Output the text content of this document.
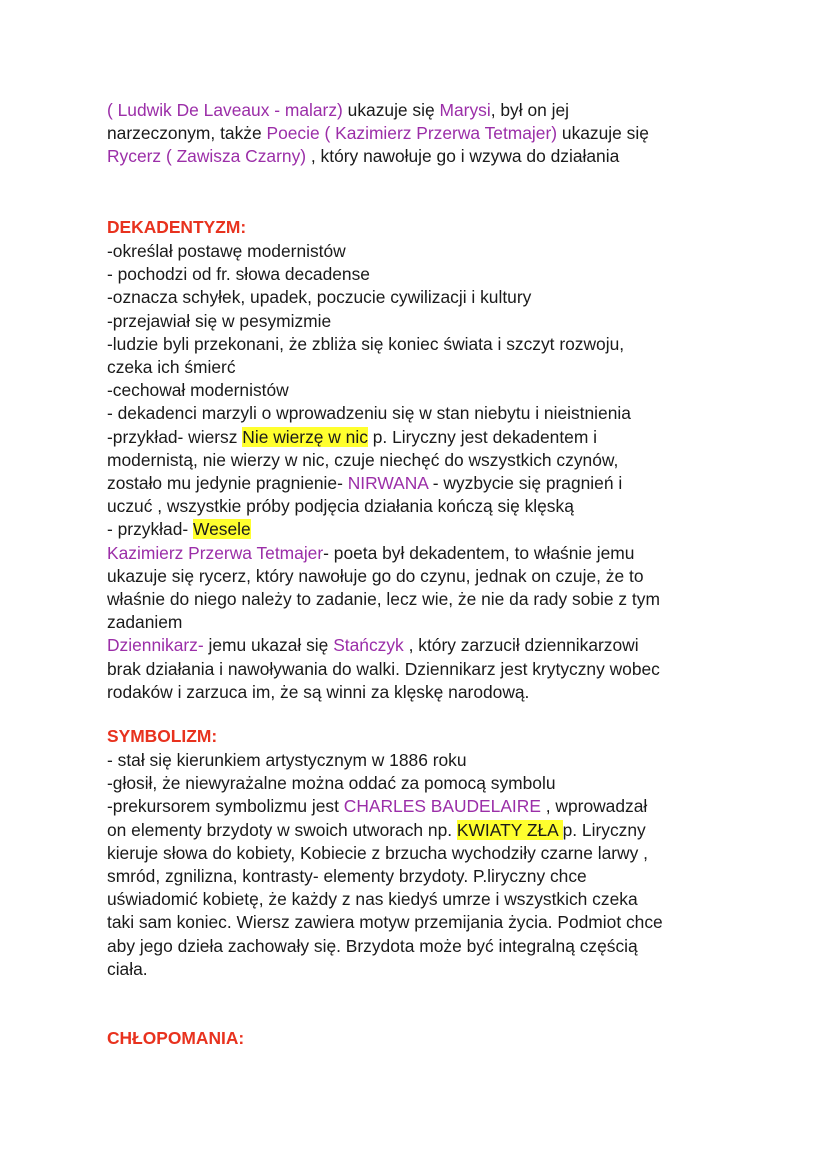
( Ludwik De Laveaux - malarz) ukazuje się Marysi, był on jej
narzeczonym, także Poecie ( Kazimierz Przerwa Tetmajer) ukazuje się
Rycerz ( Zawisza Czarny) , który nawołuje go i wzywa do działania
DEKADENTYZM:
-określał postawę modernistów
- pochodzi od fr. słowa decadense
-oznacza schyłek, upadek, poczucie cywilizacji i kultury
-przejawiał się w pesymizmie
-ludzie byli przekonani, że zbliża się koniec świata i szczyt rozwoju,
czeka ich śmierć
-cechował modernistów
- dekadenci marzyli o wprowadzeniu się w stan niebytu i nieistnienia
-przykład- wiersz Nie wierzę w nic p. Liryczny jest dekadentem i
modernistą, nie wierzy w nic, czuje niechęć do wszystkich czynów,
zostało mu jedynie pragnienie- NIRWANA - wyzbycie się pragnień i
uczuć , wszystkie próby podjęcia działania kończą się klęską
- przykład- Wesele
Kazimierz Przerwa Tetmajer- poeta był dekadentem, to właśnie jemu
ukazuje się rycerz, który nawołuje go do czynu, jednak on czuje, że to
właśnie do niego należy to zadanie, lecz wie, że nie da rady sobie z tym
zadaniem
Dziennikarz- jemu ukazał się Stańczyk , który zarzucił dziennikarzowi
brak działania i nawoływania do walki. Dziennikarz jest krytyczny wobec
rodaków i zarzuca im, że są winni za klęskę narodową.
SYMBOLIZM:
- stał się kierunkiem artystycznym w 1886 roku
-głosił, że niewyrażalne można oddać za pomocą symbolu
-prekursorem symbolizmu jest CHARLES BAUDELAIRE , wprowadzał
on elementy brzydoty w swoich utworach np. KWIATY ZŁA p. Liryczny
kieruje słowa do kobiety, Kobiecie z brzucha wychodziły czarne larwy ,
smród, zgnilizna, kontrasty- elementy brzydoty. P.liryczny chce
uświadomić kobietę, że każdy z nas kiedyś umrze i wszystkich czeka
taki sam koniec. Wiersz zawiera motyw przemijania życia. Podmiot chce
aby jego dzieła zachowały się. Brzydota może być integralną częścią
ciała.
CHŁOPOMANIA:
